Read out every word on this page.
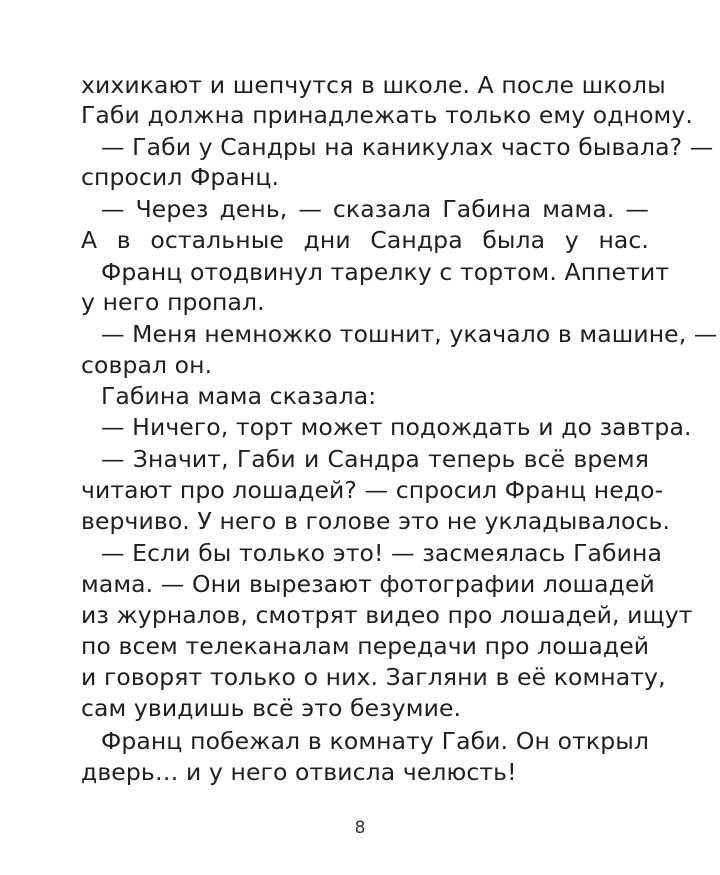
хихикают и шепчутся в школе. А после школы
Габи должна принадлежать только ему одному.
— Габи у Сандры на каникулах часто бывала? —
спросил Франц.
— Через день, — сказала Габина мама. —
А в остальные дни Сандра была у нас.
Франц отодвинул тарелку с тортом. Аппетит
у него пропал.
— Меня немножко тошнит, укачало в машине, —
соврал он.
Габина мама сказала:
— Ничего, торт может подождать и до завтра.
— Значит, Габи и Сандра теперь всё время
читают про лошадей? — спросил Франц недо-
верчиво. У него в голове это не укладывалось.
— Если бы только это! — засмеялась Габина
мама. — Они вырезают фотографии лошадей
из журналов, смотрят видео про лошадей, ищут
по всем телеканалам передачи про лошадей
и говорят только о них. Загляни в её комнату,
сам увидишь всё это безумие.
Франц побежал в комнату Габи. Он открыл
дверь… и у него отвисла челюсть!
8
